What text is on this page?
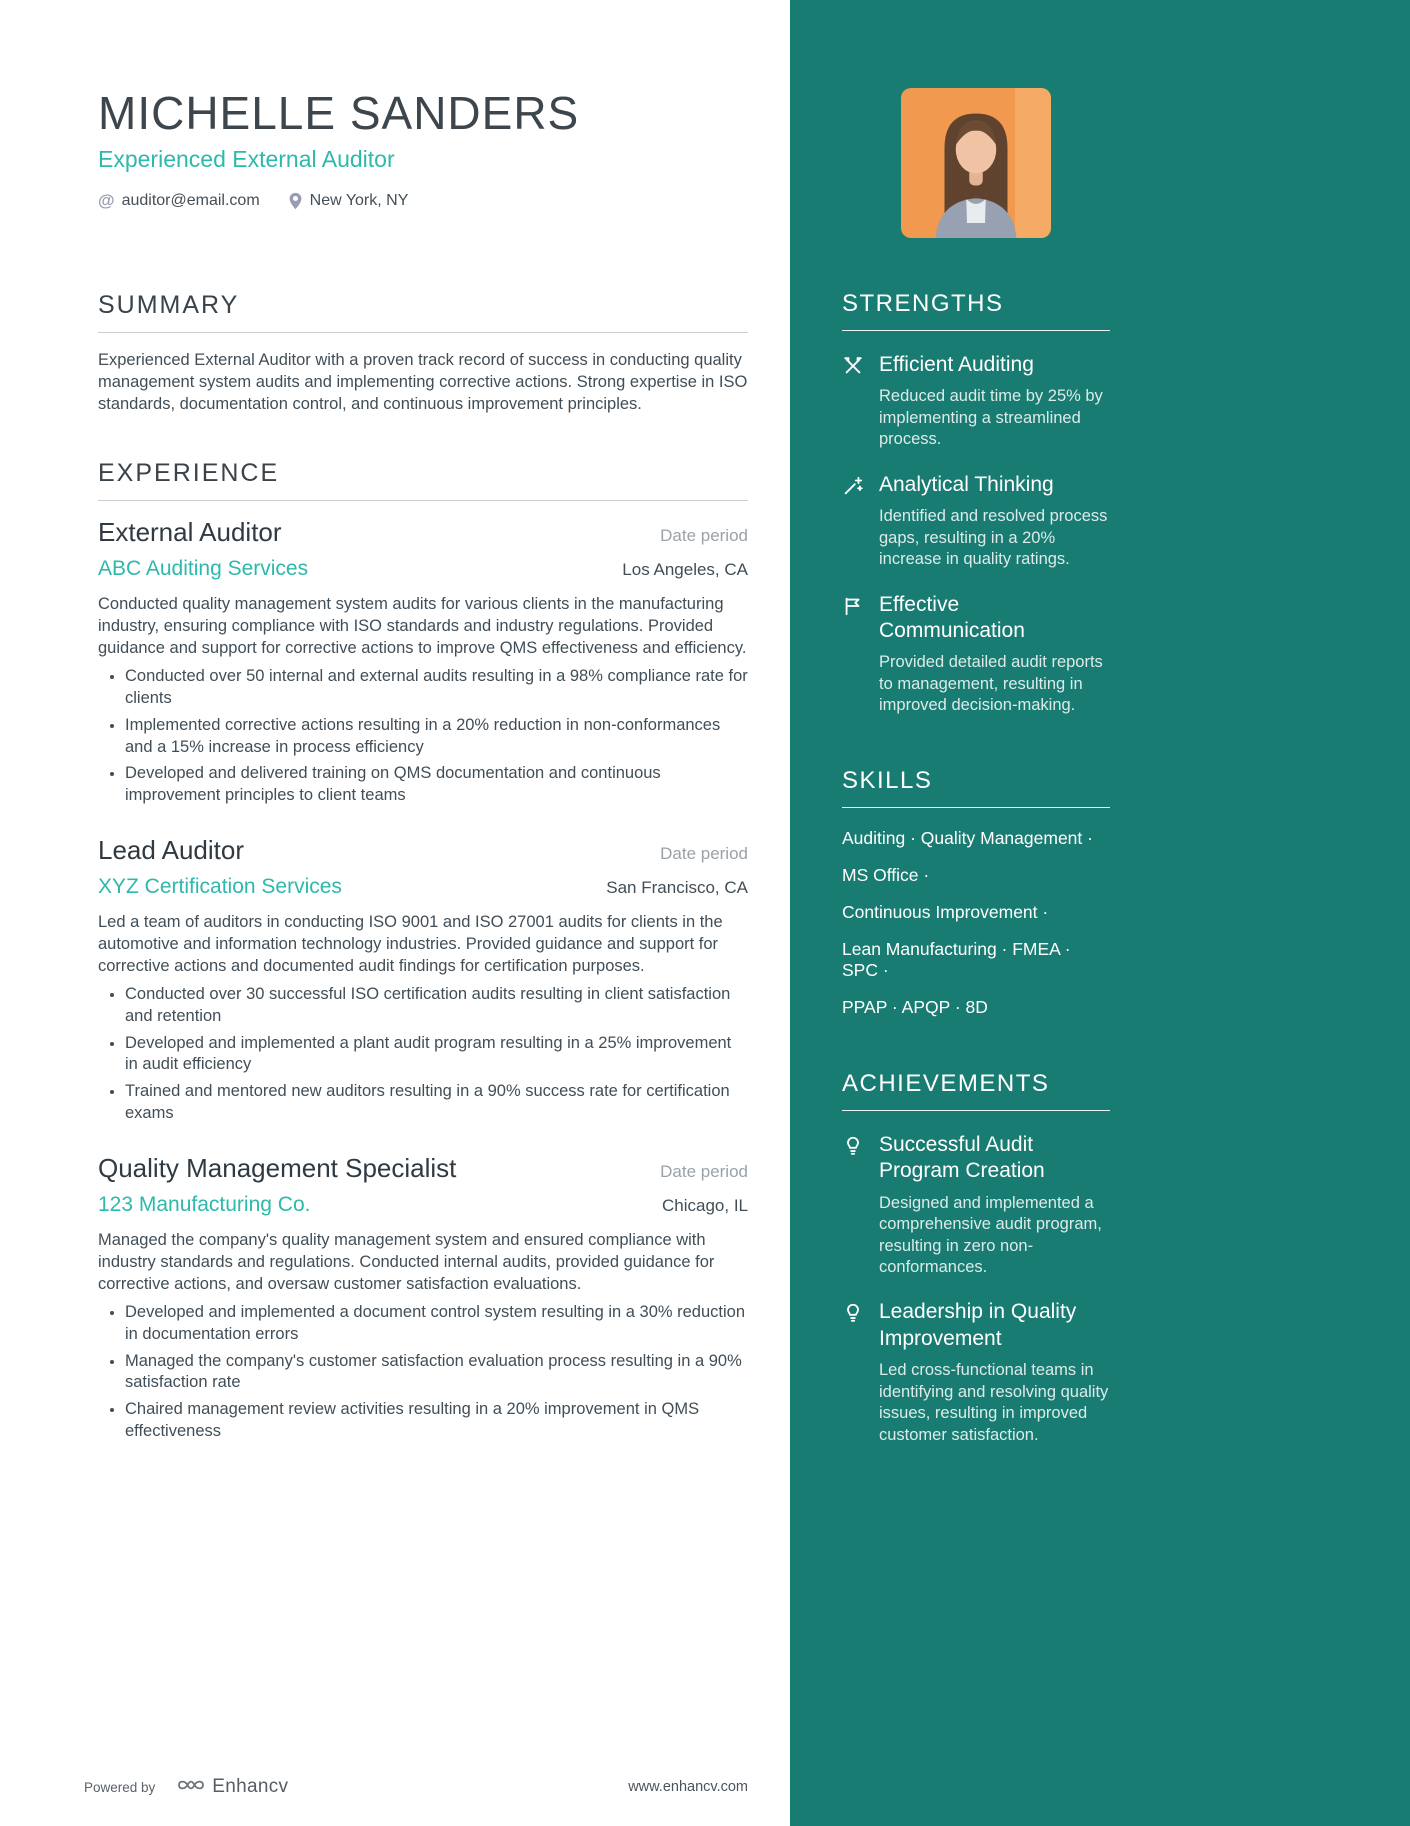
MICHELLE SANDERS
Experienced External Auditor
@ auditor@email.com	New York, NY
SUMMARY

Experienced External Auditor with a proven track record of success in conducting quality management system audits and implementing corrective actions. Strong expertise in ISO standards, documentation control, and continuous improvement principles.

EXPERIENCE
External Auditor	Date period
ABC Auditing Services	Los Angeles, CA

Conducted quality management system audits for various clients in the manufacturing industry, ensuring compliance with ISO standards and industry regulations. Provided guidance and support for corrective actions to improve QMS effectiveness and efficiency.

• Conducted over 50 internal and external audits resulting in a 98% compliance rate for clients
• Implemented corrective actions resulting in a 20% reduction in non-conformances and a 15% increase in process efficiency
• Developed and delivered training on QMS documentation and continuous improvement principles to client teams
Lead Auditor	Date period
XYZ Certification Services	San Francisco, CA

Led a team of auditors in conducting ISO 9001 and ISO 27001 audits for clients in the automotive and information technology industries. Provided guidance and support for corrective actions and documented audit findings for certification purposes.

• Conducted over 30 successful ISO certification audits resulting in client satisfaction and retention
• Developed and implemented a plant audit program resulting in a 25% improvement in audit efficiency
• Trained and mentored new auditors resulting in a 90% success rate for certification exams
Quality Management Specialist	Date period
123 Manufacturing Co.	Chicago, IL

Managed the company's quality management system and ensured compliance with industry standards and regulations. Conducted internal audits, provided guidance for corrective actions, and oversaw customer satisfaction evaluations.

• Developed and implemented a document control system resulting in a 30% reduction in documentation errors
• Managed the company's customer satisfaction evaluation process resulting in a 90% satisfaction rate
• Chaired management review activities resulting in a 20% improvement in QMS effectiveness
Powered by	Enhancv	www.enhancv.com
STRENGTHS
Efficient Auditing
Reduced audit time by 25% by implementing a streamlined process.
Analytical Thinking
Identified and resolved process gaps, resulting in a 20% increase in quality ratings.
Effective Communication
Provided detailed audit reports to management, resulting in improved decision-making.
SKILLS
Auditing · Quality Management ·
MS Office ·
Continuous Improvement ·
Lean Manufacturing · FMEA · SPC ·
PPAP · APQP · 8D
ACHIEVEMENTS
Successful Audit Program Creation
Designed and implemented a comprehensive audit program, resulting in zero non-conformances.
Leadership in Quality Improvement
Led cross-functional teams in identifying and resolving quality issues, resulting in improved customer satisfaction.
